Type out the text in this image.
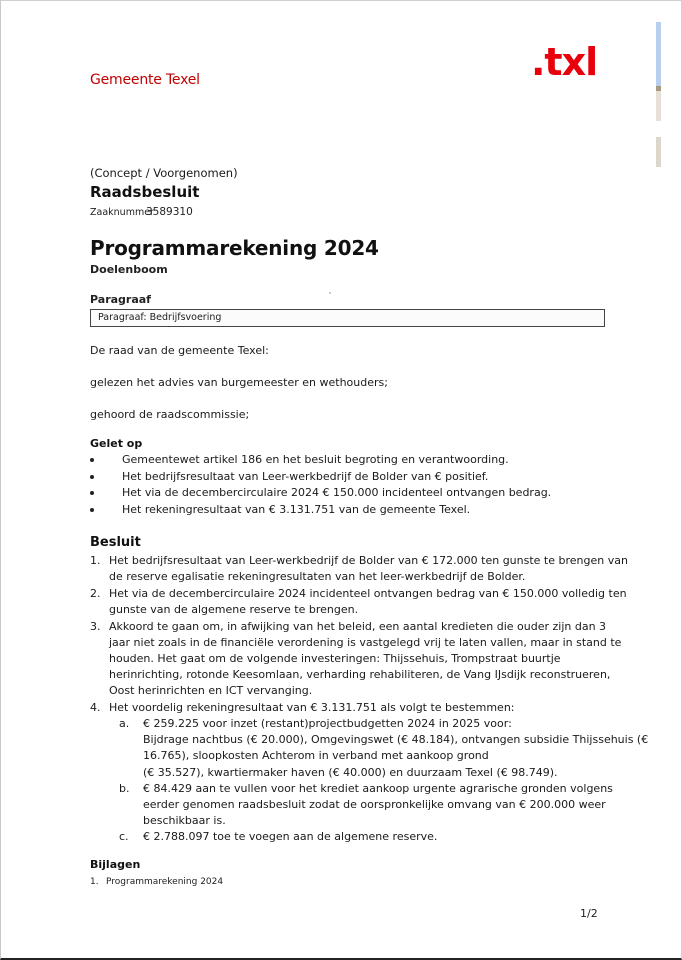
Gemeente Texel	.txl
(Concept / Voorgenomen)
Raadsbesluit
Zaaknummer
3589310
Programmarekening 2024
Doelenboom
Paragraaf	'
Paragraaf: Bedrijfsvoering
De raad van de gemeente Texel:
gelezen het advies van burgemeester en wethouders;
gehoord de raadscommissie;
Gelet op
Gemeentewet artikel 186 en het besluit begroting en verantwoording.
Het bedrijfsresultaat van Leer-werkbedrijf de Bolder van € positief.
Het via de decembercirculaire 2024 € 150.000 incidenteel ontvangen bedrag.
Het rekeningresultaat van € 3.131.751 van de gemeente Texel.
Besluit
1. Het bedrijfsresultaat van Leer-werkbedrijf de Bolder van € 172.000 ten gunste te brengen van
de reserve egalisatie rekeningresultaten van het leer-werkbedrijf de Bolder.
2. Het via de decembercirculaire 2024 incidenteel ontvangen bedrag van € 150.000 volledig ten
gunste van de algemene reserve te brengen.
3. Akkoord te gaan om, in afwijking van het beleid, een aantal kredieten die ouder zijn dan 3
jaar niet zoals in de financiële verordening is vastgelegd vrij te laten vallen, maar in stand te
houden. Het gaat om de volgende investeringen: Thijssehuis, Trompstraat buurtje
herinrichting, rotonde Keesomlaan, verharding rehabiliteren, de Vang IJsdijk reconstrueren,
Oost herinrichten en ICT vervanging.
4. Het voordelig rekeningresultaat van € 3.131.751 als volgt te bestemmen:
a. € 259.225 voor inzet (restant)projectbudgetten 2024 in 2025 voor:
Bijdrage nachtbus (€ 20.000), Omgevingswet (€ 48.184), ontvangen subsidie Thijssehuis (€
16.765), sloopkosten Achterom in verband met aankoop grond
(€ 35.527), kwartiermaker haven (€ 40.000) en duurzaam Texel (€ 98.749).
b. € 84.429 aan te vullen voor het krediet aankoop urgente agrarische gronden volgens
eerder genomen raadsbesluit zodat de oorspronkelijke omvang van € 200.000 weer
beschikbaar is.
c. € 2.788.097 toe te voegen aan de algemene reserve.
Bijlagen
1. Programmarekening 2024
1/2
